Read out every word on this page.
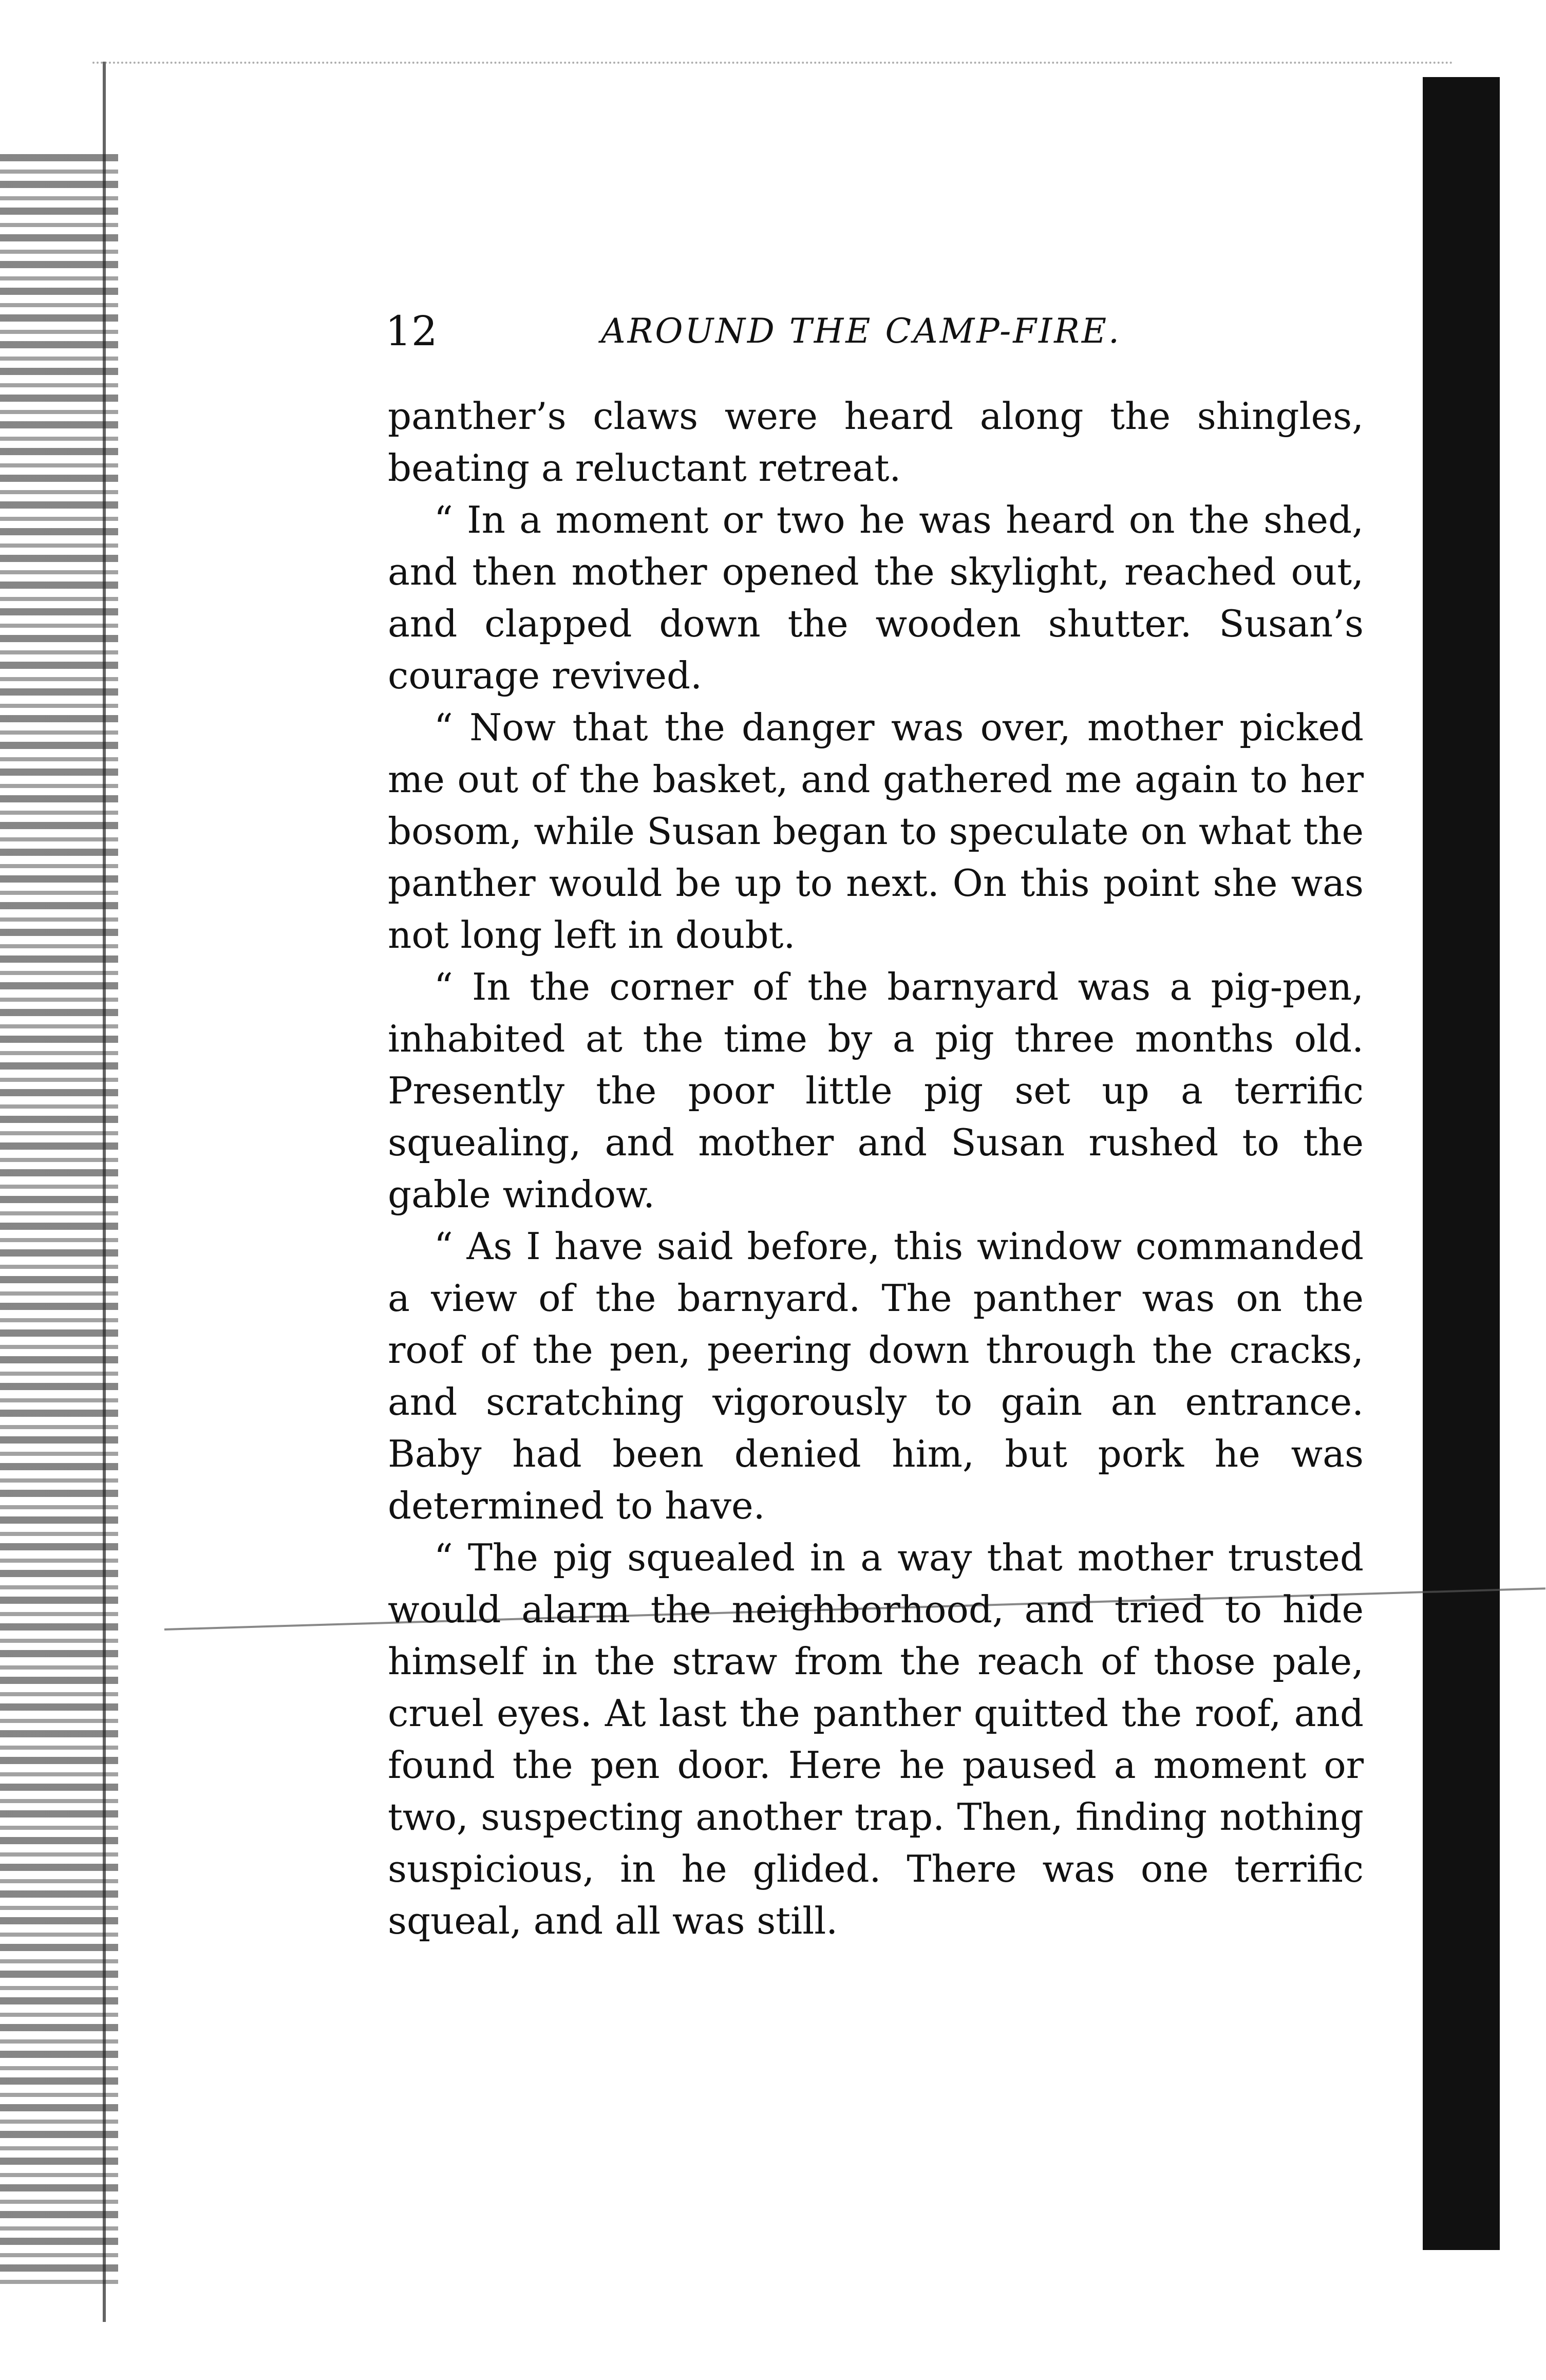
12	AROUND THE CAMP-FIRE.

panther’s claws were heard along the shingles, beating a reluctant retreat.

“ In a moment or two he was heard on the shed, and then mother opened the skylight, reached out, and clapped down the wooden shutter. Susan’s courage revived.

“ Now that the danger was over, mother picked me out of the basket, and gathered me again to her bosom, while Susan began to speculate on what the panther would be up to next. On this point she was not long left in doubt.

“ In the corner of the barnyard was a pig-pen, inhabited at the time by a pig three months old. Presently the poor little pig set up a terrific squealing, and mother and Susan rushed to the gable window.

“ As I have said before, this window commanded a view of the barnyard. The panther was on the roof of the pen, peering down through the cracks, and scratching vigorously to gain an entrance. Baby had been denied him, but pork he was determined to have.

“ The pig squealed in a way that mother trusted would alarm the neighborhood, and tried to hide himself in the straw from the reach of those pale, cruel eyes. At last the panther quitted the roof, and found the pen door. Here he paused a moment or two, suspecting another trap. Then, finding nothing suspicious, in he glided. There was one terrific squeal, and all was still.
